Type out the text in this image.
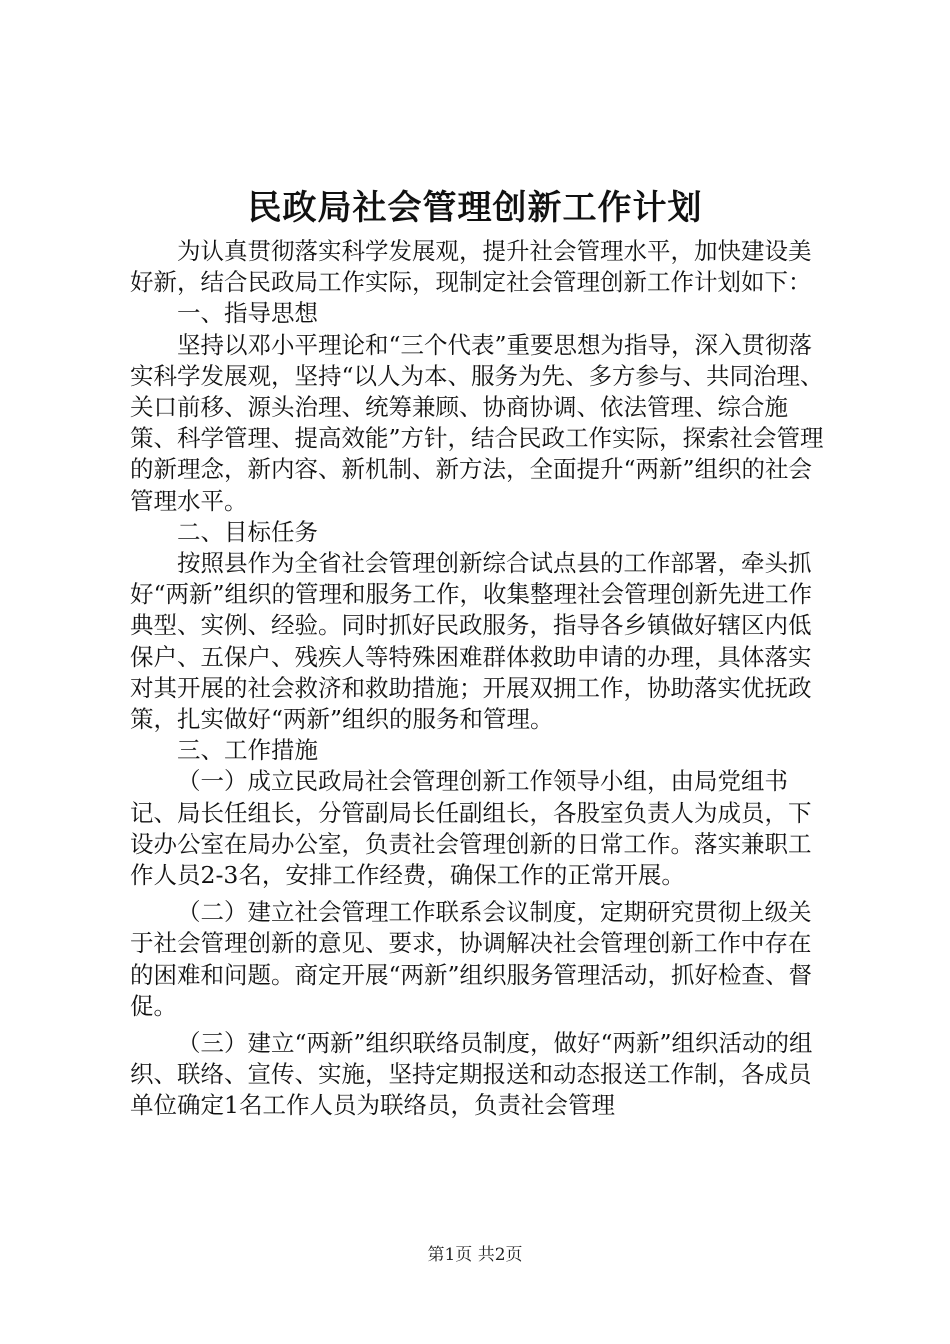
民政局社会管理创新工作计划

为认真贯彻落实科学发展观，提升社会管理水平，加快建设美好新，结合民政局工作实际，现制定社会管理创新工作计划如下：

一、指导思想

坚持以邓小平理论和“三个代表”重要思想为指导，深入贯彻落实科学发展观，坚持“以人为本、服务为先、多方参与、共同治理、关口前移、源头治理、统筹兼顾、协商协调、依法管理、综合施策、科学管理、提高效能”方针，结合民政工作实际，探索社会管理的新理念，新内容、新机制、新方法，全面提升“两新”组织的社会管理水平。

二、目标任务

按照县作为全省社会管理创新综合试点县的工作部署，牵头抓好“两新”组织的管理和服务工作，收集整理社会管理创新先进工作典型、实例、经验。同时抓好民政服务，指导各乡镇做好辖区内低保户、五保户、残疾人等特殊困难群体救助申请的办理，具体落实对其开展的社会救济和救助措施；开展双拥工作，协助落实优抚政策，扎实做好“两新”组织的服务和管理。

三、工作措施

（一）成立民政局社会管理创新工作领导小组，由局党组书记、局长任组长，分管副局长任副组长，各股室负责人为成员，下设办公室在局办公室，负责社会管理创新的日常工作。落实兼职工作人员2-3名，安排工作经费，确保工作的正常开展。

（二）建立社会管理工作联系会议制度，定期研究贯彻上级关于社会管理创新的意见、要求，协调解决社会管理创新工作中存在的困难和问题。商定开展“两新”组织服务管理活动，抓好检查、督促。

（三）建立“两新”组织联络员制度，做好“两新”组织活动的组织、联络、宣传、实施，坚持定期报送和动态报送工作制，各成员单位确定1名工作人员为联络员，负责社会管理

第1页 共2页
